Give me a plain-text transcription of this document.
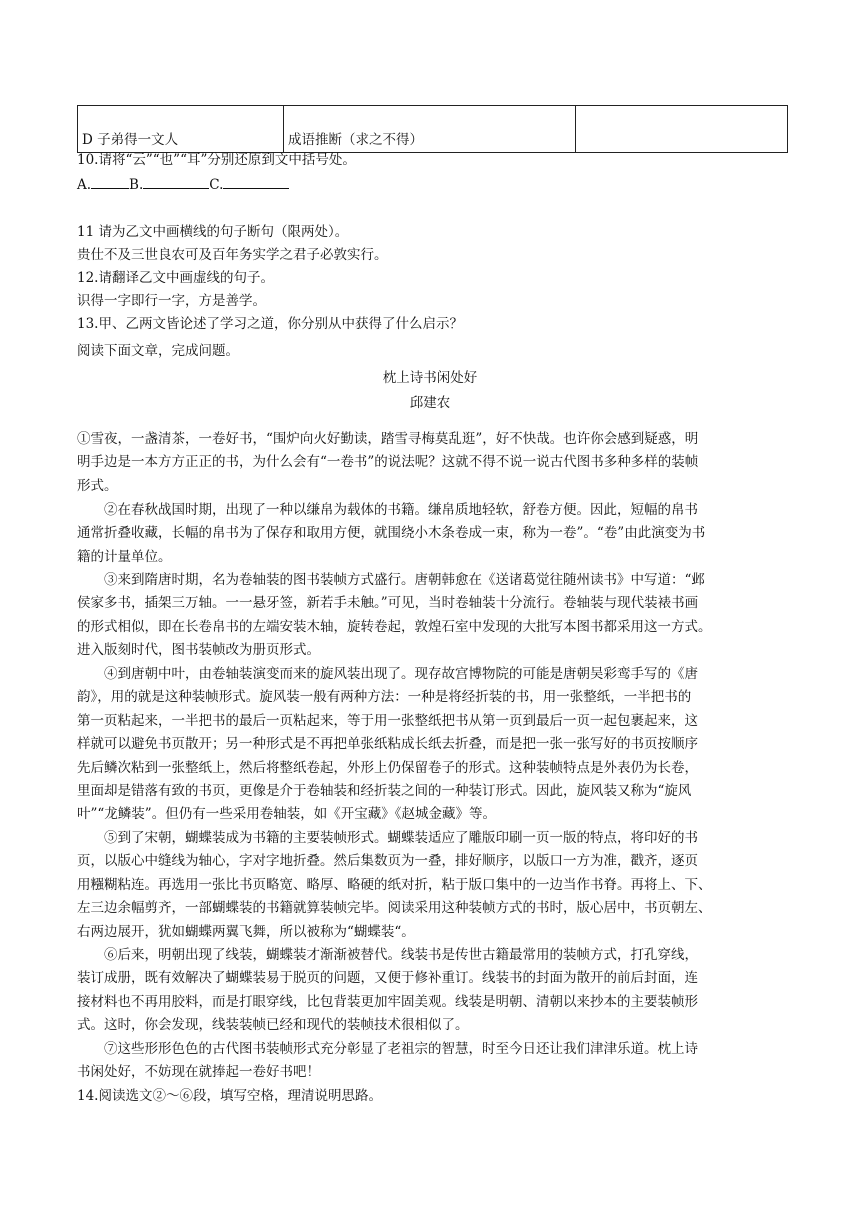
D 子弟得一文人	成语推断（求之不得）	
10.请将“云”“也”“耳”分别还原到文中括号处。
A.	B.	C.
11 请为乙文中画横线的句子断句（限两处）。
贵仕不及三世良农可及百年务实学之君子必敦实行。
12.请翻译乙文中画虚线的句子。
识得一字即行一字，方是善学。
13.甲、乙两文皆论述了学习之道，你分别从中获得了什么启示？
阅读下面文章，完成问题。
枕上诗书闲处好
邱建农
①雪夜，一盏清茶，一卷好书，“围炉向火好勤读，踏雪寻梅莫乱逛”，好不快哉。也许你会感到疑惑，明
明手边是一本方方正正的书，为什么会有“一卷书”的说法呢？这就不得不说一说古代图书多种多样的装帧
形式。
②在春秋战国时期，出现了一种以缣帛为载体的书籍。缣帛质地轻软，舒卷方便。因此，短幅的帛书
通常折叠收藏，长幅的帛书为了保存和取用方便，就围绕小木条卷成一束，称为一卷”。“卷”由此演变为书
籍的计量单位。
③来到隋唐时期，名为卷轴装的图书装帧方式盛行。唐朝韩愈在《送诸葛觉往随州读书》中写道：“邺
侯家多书，插架三万轴。一一悬牙签，新若手未触。”可见，当时卷轴装十分流行。卷轴装与现代装裱书画
的形式相似，即在长卷帛书的左端安装木轴，旋转卷起，敦煌石室中发现的大批写本图书都采用这一方式。
进入版刻时代，图书装帧改为册页形式。
④到唐朝中叶，由卷轴装演变而来的旋风装出现了。现存故宫博物院的可能是唐朝吴彩鸾手写的《唐
韵》，用的就是这种装帧形式。旋风装一般有两种方法：一种是将经折装的书，用一张整纸，一半把书的
第一页粘起来，一半把书的最后一页粘起来，等于用一张整纸把书从第一页到最后一页一起包裹起来，这
样就可以避免书页散开；另一种形式是不再把单张纸粘成长纸去折叠，而是把一张一张写好的书页按顺序
先后鳞次粘到一张整纸上，然后将整纸卷起，外形上仍保留卷子的形式。这种装帧特点是外表仍为长卷，
里面却是错落有致的书页，更像是介于卷轴装和经折装之间的一种装订形式。因此，旋风装又称为“旋风
叶”“龙鳞装”。但仍有一些采用卷轴装，如《开宝藏》《赵城金藏》等。
⑤到了宋朝，蝴蝶装成为书籍的主要装帧形式。蝴蝶装适应了雕版印刷一页一版的特点，将印好的书
页，以版心中缝线为轴心，字对字地折叠。然后集数页为一叠，排好顺序，以版口一方为准，戳齐，逐页
用糨糊粘连。再选用一张比书页略宽、略厚、略硬的纸对折，粘于版口集中的一边当作书脊。再将上、下、
左三边余幅剪齐，一部蝴蝶装的书籍就算装帧完毕。阅读采用这种装帧方式的书时，版心居中，书页朝左、
右两边展开，犹如蝴蝶两翼飞舞，所以被称为“蝴蝶装“。
⑥后来，明朝出现了线装，蝴蝶装才渐渐被替代。线装书是传世古籍最常用的装帧方式，打孔穿线，
装订成册，既有效解决了蝴蝶装易于脱页的问题，又便于修补重订。线装书的封面为散开的前后封面，连
接材料也不再用胶料，而是打眼穿线，比包背装更加牢固美观。线装是明朝、清朝以来抄本的主要装帧形
式。这时，你会发现，线装装帧已经和现代的装帧技术很相似了。
⑦这些形形色色的古代图书装帧形式充分彰显了老祖宗的智慧，时至今日还让我们津津乐道。枕上诗
书闲处好，不妨现在就捧起一卷好书吧！
14.阅读选文②～⑥段，填写空格，理清说明思路。
